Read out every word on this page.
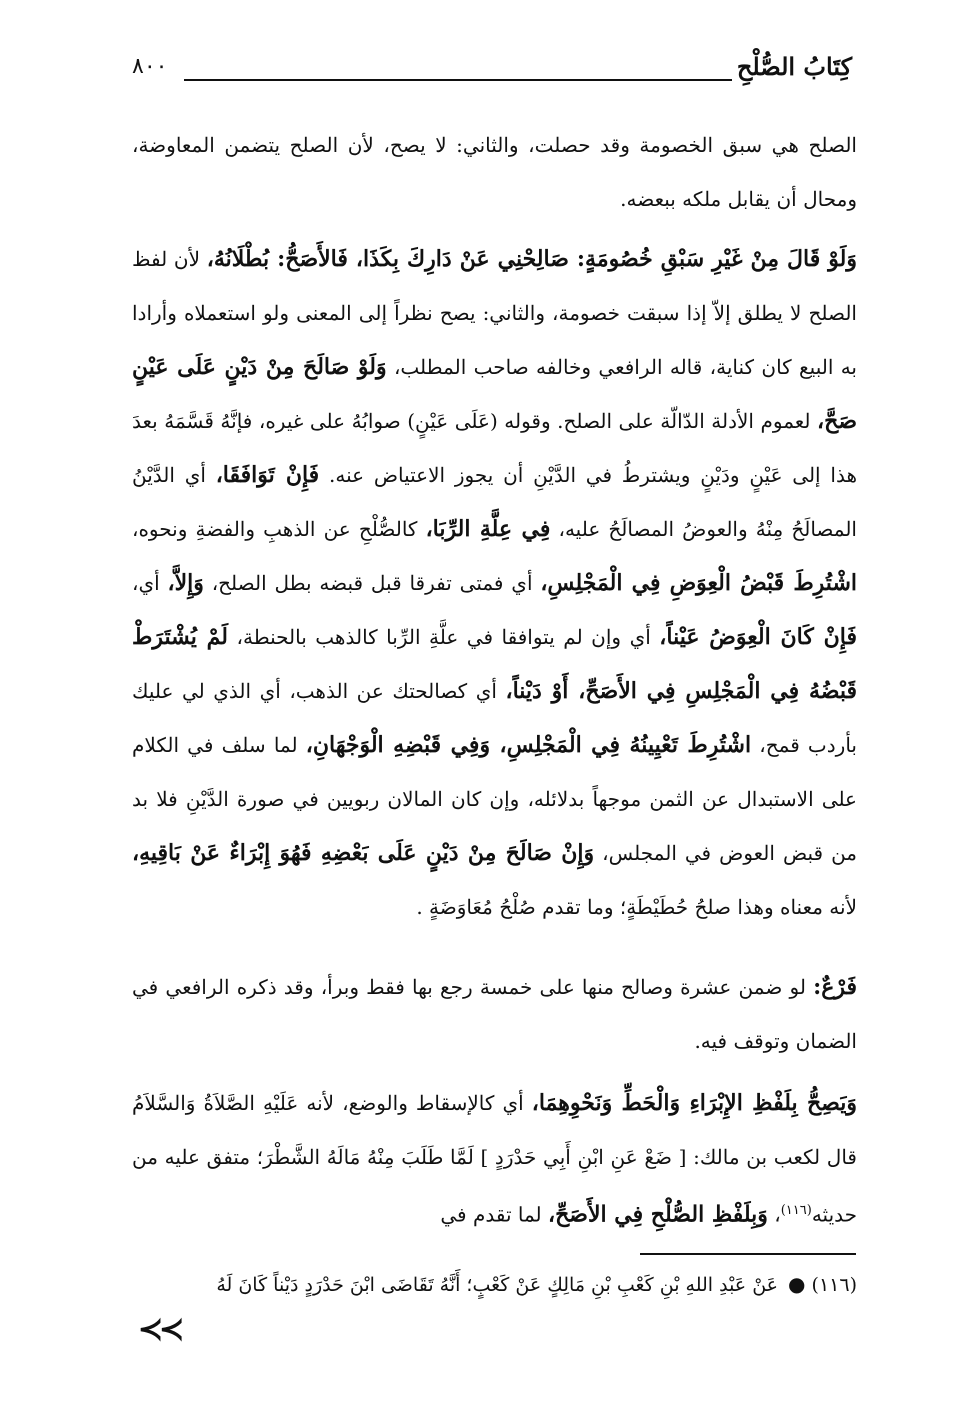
كِتَابُ الصُّلْحِ
٨٠٠

الصلح هي سبق الخصومة وقد حصلت، والثاني: لا يصح، لأن الصلح يتضمن المعاوضة، ومحال أن يقابل ملكه ببعضه.

وَلَوْ قَالَ مِنْ غَيْرِ سَبْقِ خُصُومَةٍ: صَالِحْنِي عَنْ دَارِكَ بِكَذَا، فَالأَصَحُّ: بُطْلَانُهُ، لأن لفظ الصلح لا يطلق إلاّ إذا سبقت خصومة، والثاني: يصح نظراً إلى المعنى ولو استعملاه وأرادا به البيع كان كناية، قاله الرافعي وخالفه صاحب المطلب، وَلَوْ صَالَحَ مِنْ دَيْنٍ عَلَى عَيْنٍ صَحَّ، لعموم الأدلة الدّالّة على الصلح. وقوله (عَلَى عَيْنٍ) صوابُهُ على غيره، فإنَّهُ قَسَّمَهُ بعدَ هذا إلى عَيْنٍ ودَيْنٍ ويشترطُ في الدَّيْنِ أن يجوز الاعتياض عنه. فَإِنْ تَوَافَقَا، أي الدَّيْنُ المصالَحُ مِنْهُ والعوضُ المصالَحُ عليه، فِي عِلَّةِ الرِّبَا، كالصُّلْحِ عن الذهبِ والفضةِ ونحوه، اشْتُرِطَ قَبْضُ الْعِوَضِ فِي الْمَجْلِسِ، أي فمتى تفرقا قبل قبضه بطل الصلح، وَإِلاَّ، أي، فَإِنْ كَانَ الْعِوَضُ عَيْناً، أي وإن لم يتوافقا في علَّةِ الرِّبا كالذهب بالحنطة، لَمْ يُشْتَرَطْ قَبْضُهُ فِي الْمَجْلِسِ فِي الأَصَحِّ، أَوْ دَيْناً، أي كصالحتك عن الذهب، أي الذي لي عليك بأردب قمح، اشْتُرِطَ تَعْيِينُهُ فِي الْمَجْلِسِ، وَفِي قَبْضِهِ الْوَجْهَانِ، لما سلف في الكلام على الاستبدال عن الثمن موجهاً بدلائله، وإن كان المالان ربويين في صورة الدَّيْنِ فلا بد من قبض العوض في المجلس، وَإِنْ صَالَحَ مِنْ دَيْنٍ عَلَى بَعْضِهِ فَهُوَ إِبْرَاءٌ عَنْ بَاقِيهِ، لأنه معناه وهذا صلحُ حُطَيْطَةٍ؛ وما تقدم صُلْحُ مُعَاوَضَةٍ .

فَرْعٌ: لو ضمن عشرة وصالح منها على خمسة رجع بها فقط وبرأ، وقد ذكره الرافعي في الضمان وتوقف فيه.

وَيَصِحُّ بِلَفْظِ الإِبْرَاءِ وَالْحَطِّ وَنَحْوِهِمَا، أي كالإسقاط والوضع، لأنه عَلَيْهِ الصَّلاَةُ وَالسَّلاَمُ قال لكعب بن مالك: [ ضَعْ عَنِ ابْنِ أَبِي حَدْرَدٍ ] لَمَّا طَلَبَ مِنْهُ مَالَهُ الشَّطْرَ؛ متفق عليه من حديثه$^{(١١٦)}$، وَبِلَفْظِ الصُّلْحِ فِي الأَصَحِّ، لما تقدم في

(١١٦) ● عَنْ عَبْدِ اللهِ بْنِ كَعْبِ بْنِ مَالِكٍ عَنْ كَعْبٍ؛ أَنَّهُ تَقَاضَى ابْنَ حَدْرَدٍ دَيْناً كَانَ لَهُ

≺≺
